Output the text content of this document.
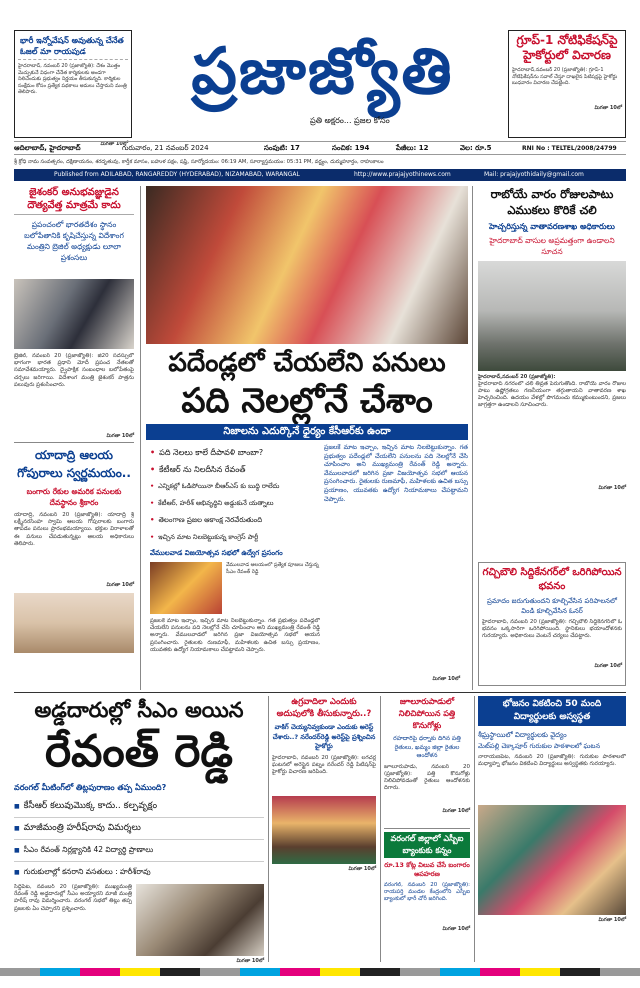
భారీ ఇన్నోవేషన్ అవుతున్న చేనేత ఓజల్ మా రాయపుడ
హైదరాబాద్, నవంబర్ 20 (ప్రజాజ్యోతి): దేశం మొత్తం మెచ్చుకునే విధంగా చేనేత కార్మికులకు అండగా నిలిచేందుకు ప్రభుత్వం నిర్ణయం తీసుకున్నది. కార్మికుల సంక్షేమం కోసం ప్రత్యేక పథకాలు అమలు చేస్తామని మంత్రి తెలిపారు.
మిగతా 10లో
ప్రజాజ్యోతి
ప్రతి అక్షరం... ప్రజల కోసం
గ్రూప్-1 నోటిఫికేషన్‌పై హైకోర్టులో విచారణ
హైదరాబాద్,నవంబర్ 20 (ప్రజాజ్యోతి): గ్రూప్-1 నోటిఫికేషన్‌ను సవాల్ చేస్తూ దాఖలైన పిటిషన్లపై హైకోర్టు బుధవారం విచారణ చేపట్టింది.
మిగతా 10లో
ఆదిలాబాద్, హైదరాబాద్	గురువారం, 21 నవంబర్ 2024	సంపుటి: 17	సంచిక: 194	పేజీలు: 12	వెల: రూ.5	RNI No : TELTEL/2008/24799
శ్రీ క్రోధి నామ సంవత్సరం, దక్షిణాయనం, శరదృతువు, కార్తీక మాసం, బహుళ పక్షం, షష్ఠి, సూర్యోదయం: 06:19 AM, సూర్యాస్తమయం: 05:31 PM, వర్జ్యం, దుర్ముహూర్తం, రాహుకాలం
Published from ADILABAD, RANGAREDDY (HYDERABAD), NIZAMABAD, WARANGAL	http://www.prajajyothinews.com	Mail: prajajyothidaily@gmail.com
జైశంకర్ అనుభవజ్ఞుడైన దౌత్యవేత్త మాత్రమే కాదు
ప్రపంచంలో భారతదేశం స్థానం బలోపేతానికి కృషిచేస్తున్న విదేశాంగ మంత్రిని బ్రెజిల్ అధ్యక్షుడు లూలా ప్రశంసలు
బ్రెజిల్, నవంబర్ 20 (ప్రజాజ్యోతి): జి20 సదస్సులో భాగంగా భారత ప్రధాని మోదీ ప్రపంచ నేతలతో సమావేశమయ్యారు. ద్వైపాక్షిక సంబంధాల బలోపేతంపై చర్చలు జరిగాయి. విదేశాంగ మంత్రి జైశంకర్ పాత్రను పలువురు ప్రశంసించారు.
మిగతా 10లో
యాదాద్రి ఆలయ గోపురాలు స్వర్ణమయం..
బంగారు రేకుల అమరిక పనులకు దేవస్థానం శ్రీకారం
యాదాద్రి, నవంబర్ 20 (ప్రజాజ్యోతి): యాదాద్రి శ్రీ లక్ష్మీనరసింహ స్వామి ఆలయ గోపురాలకు బంగారు తాపడం పనులు ప్రారంభమయ్యాయి. భక్తుల విరాళాలతో ఈ పనులు చేపడుతున్నట్లు ఆలయ అధికారులు తెలిపారు.
మిగతా 10లో
పదేండ్లలో చేయలేని పనులు
పది నెలల్లోనే చేశాం
నిజాలను ఎదుర్కొనే ధైర్యం కేసీఆర్‌కు ఉందా
• పది నెలలు కాలే దీపావళి బాంబా?
• కేటీఆర్ ను నిలదీసిన రేవంత్
• ఎన్నికల్లో ఓడిపోయినా బీఆర్ఎస్ కు బుద్ధి రాలేదు
• కేటీఆర్, హరీశ్ అభివృద్ధిని అడ్డుకునే యత్నాలు
• తెలంగాణ ప్రజల ఆకాంక్ష నెరవేరుతుంది
• ఇచ్చిన మాట నిలబెట్టుకున్న కాంగ్రెస్ పార్టీ
వేములవాడ విజయోత్సవ సభలో ఉద్వేగ ప్రసంగం
ప్రజలకే మాట ఇచ్చాం, ఇచ్చిన మాట నిలబెట్టుకున్నాం. గత ప్రభుత్వం పదేండ్లలో చేయలేని పనులను పది నెలల్లోనే చేసి చూపించాం అని ముఖ్యమంత్రి రేవంత్ రెడ్డి అన్నారు. వేములవాడలో జరిగిన ప్రజా విజయోత్సవ సభలో ఆయన ప్రసంగించారు. రైతులకు రుణమాఫీ, మహిళలకు ఉచిత బస్సు ప్రయాణం, యువతకు ఉద్యోగ నియామకాలు చేపట్టామని చెప్పారు.
వేములవాడ ఆలయంలో ప్రత్యేక పూజలు చేస్తున్న సీఎం రేవంత్ రెడ్డి
ప్రజలకే మాట ఇచ్చాం, ఇచ్చిన మాట నిలబెట్టుకున్నాం. గత ప్రభుత్వం పదేండ్లలో చేయలేని పనులను పది నెలల్లోనే చేసి చూపించాం అని ముఖ్యమంత్రి రేవంత్ రెడ్డి అన్నారు. వేములవాడలో జరిగిన ప్రజా విజయోత్సవ సభలో ఆయన ప్రసంగించారు. రైతులకు రుణమాఫీ, మహిళలకు ఉచిత బస్సు ప్రయాణం, యువతకు ఉద్యోగ నియామకాలు చేపట్టామని చెప్పారు.
మిగతా 10లో
రాబోయే వారం రోజులపాటు ఎముకలు కొరికే చలి
హెచ్చరిస్తున్న వాతావరణశాఖ అధికారులు
హైదరాబాద్ వాసుల అప్రమత్తంగా ఉండాలని సూచన
హైదరాబాద్,నవంబర్ 20 (ప్రజాజ్యోతి):
హైదరాబాద్ నగరంలో చలి తీవ్రత పెరుగుతోంది. రాబోయే వారం రోజుల పాటు ఉష్ణోగ్రతలు గణనీయంగా తగ్గుతాయని వాతావరణ శాఖ హెచ్చరించింది. ఉదయం వేళల్లో పొగమంచు కమ్ముకుంటుందని, ప్రజలు జాగ్రత్తగా ఉండాలని సూచించారు.
మిగతా 10లో
గచ్చిబౌలి సిద్దికేనగర్‌లో ఒరిగిపోయిన భవనం
ప్రమాదం జరుగుతుందని కూల్చివేసిన పరిపాలనలో విండి కూల్చివేసిన ఓనర్
హైదరాబాద్, నవంబర్ 20 (ప్రజాజ్యోతి): గచ్చిబౌలి సిద్దికేనగర్‌లో ఓ భవనం ఒక్కసారిగా ఒరిగిపోయింది. స్థానికులు భయాందోళనకు గురయ్యారు. అధికారులు వెంటనే చర్యలు చేపట్టారు.
మిగతా 10లో
అడ్డదారుల్లో సీఎం అయిన
రేవంత్ రెడ్డి
వరంగల్ మీటింగ్‌లో తిట్లపురాణం తప్ప ఏముంది?
■ కేసీఆర్ కలువుమొక్క కాదు.. కల్పవృక్షం
■ మాజీమంత్రి హరీష్‌రావు విమర్శలు
■ సీఎం రేవంత్ నిర్లక్ష్యానికి 42 విద్యార్థి ప్రాణాలు
■ గురుకులాల్లో కనరాని వసతులు : హరీశ్‌రావు
సిద్దిపేట, నవంబర్ 20 (ప్రజాజ్యోతి): ముఖ్యమంత్రి రేవంత్ రెడ్డి అడ్డదారుల్లో సీఎం అయ్యారని మాజీ మంత్రి హరీష్ రావు విమర్శించారు. వరంగల్ సభలో తిట్లు తప్ప ప్రజలకు ఏం చెప్పారని ప్రశ్నించారు.
మిగతా 10లో
ఉగ్రవాదిలా ఎందుకు అదుపులోకి తీసుకున్నారు..?
వాకిగ్ చెయ్యనివ్వకుండా ఎందుకు అరెస్ట్ చేశారు..? నరేందర్‌రెడ్డి అరెస్ట్‌పై ప్రశ్నించిన హైకోర్టు
హైదరాబాద్, నవంబర్ 20 (ప్రజాజ్యోతి): లగచర్ల ఘటనలో అరెస్టైన పట్నం నరేందర్ రెడ్డి పిటిషన్‌పై హైకోర్టు విచారణ జరిపింది.
మిగతా 10లో
జూలూరుపాడులో నిలిచిపోయిన పత్తి కొనుగోళ్లు
రహదారిపై ధర్నాకు దిగిన పత్తి రైతులు, ఖమ్మం జిల్లా రైతుల ఆందోళన
జూలూరుపాడు, నవంబర్ 20 (ప్రజాజ్యోతి): పత్తి కొనుగోళ్లు నిలిచిపోవడంతో రైతులు ఆందోళనకు దిగారు.
మిగతా 10లో
వరంగల్ జిల్లాలో ఎస్బీఐ బ్యాంకుకు కన్నం
రూ.13 కోట్ల విలువ చేసే బంగారం అపహరణ
వరంగల్, నవంబర్ 20 (ప్రజాజ్యోతి): రాయపర్తి మండల కేంద్రంలోని ఎస్బీఐ బ్యాంకులో భారీ చోరీ జరిగింది.
మిగతా 10లో
భోజనం వికటించి 50 మంది విద్యార్థులకు అస్వస్థత
శీఘ్రస్థాయిలో విద్యార్థులకు వైద్యం
మెట్‌పల్లి చెక్కాపూర్ గురుకుల పాఠశాలలో ఘటన
నారాయణపేట, నవంబర్ 20 (ప్రజాజ్యోతి): గురుకుల పాఠశాలలో మధ్యాహ్న భోజనం వికటించి విద్యార్థులు అస్వస్థతకు గురయ్యారు.
మిగతా 10లో
